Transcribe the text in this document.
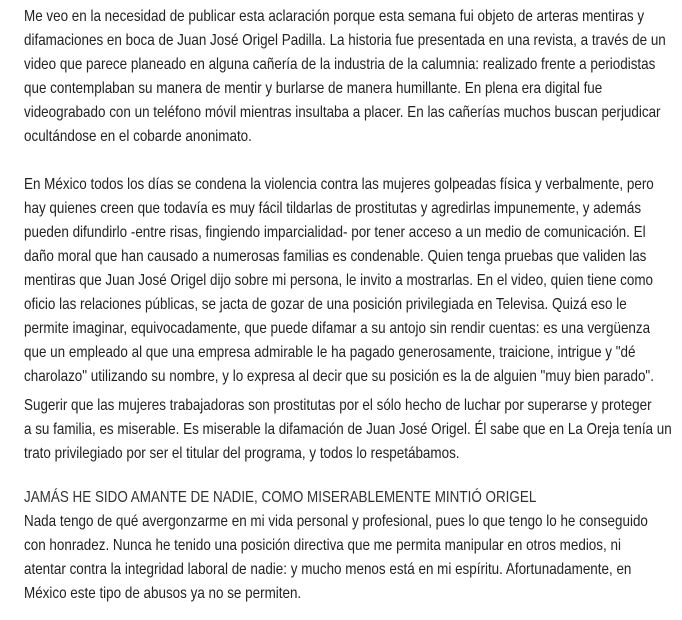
Me veo en la necesidad de publicar esta aclaración porque esta semana fui objeto de arteras mentiras y
difamaciones en boca de Juan José Origel Padilla. La historia fue presentada en una revista, a través de un
video que parece planeado en alguna cañería de la industria de la calumnia: realizado frente a periodistas
que contemplaban su manera de mentir y burlarse de manera humillante. En plena era digital fue
videograbado con un teléfono móvil mientras insultaba a placer. En las cañerías muchos buscan perjudicar
ocultándose en el cobarde anonimato.
En México todos los días se condena la violencia contra las mujeres golpeadas física y verbalmente, pero
hay quienes creen que todavía es muy fácil tildarlas de prostitutas y agredirlas impunemente, y además
pueden difundirlo -entre risas, fingiendo imparcialidad- por tener acceso a un medio de comunicación. El
daño moral que han causado a numerosas familias es condenable. Quien tenga pruebas que validen las
mentiras que Juan José Origel dijo sobre mi persona, le invito a mostrarlas. En el video, quien tiene como
oficio las relaciones públicas, se jacta de gozar de una posición privilegiada en Televisa. Quizá eso le
permite imaginar, equivocadamente, que puede difamar a su antojo sin rendir cuentas: es una vergüenza
que un empleado al que una empresa admirable le ha pagado generosamente, traicione, intrigue y "dé
charolazo" utilizando su nombre, y lo expresa al decir que su posición es la de alguien "muy bien parado".
Sugerir que las mujeres trabajadoras son prostitutas por el sólo hecho de luchar por superarse y proteger
a su familia, es miserable. Es miserable la difamación de Juan José Origel. Él sabe que en La Oreja tenía un
trato privilegiado por ser el titular del programa, y todos lo respetábamos.
JAMÁS HE SIDO AMANTE DE NADIE, COMO MISERABLEMENTE MINTIÓ ORIGEL
Nada tengo de qué avergonzarme en mi vida personal y profesional, pues lo que tengo lo he conseguido
con honradez. Nunca he tenido una posición directiva que me permita manipular en otros medios, ni
atentar contra la integridad laboral de nadie: y mucho menos está en mi espíritu. Afortunadamente, en
México este tipo de abusos ya no se permiten.
